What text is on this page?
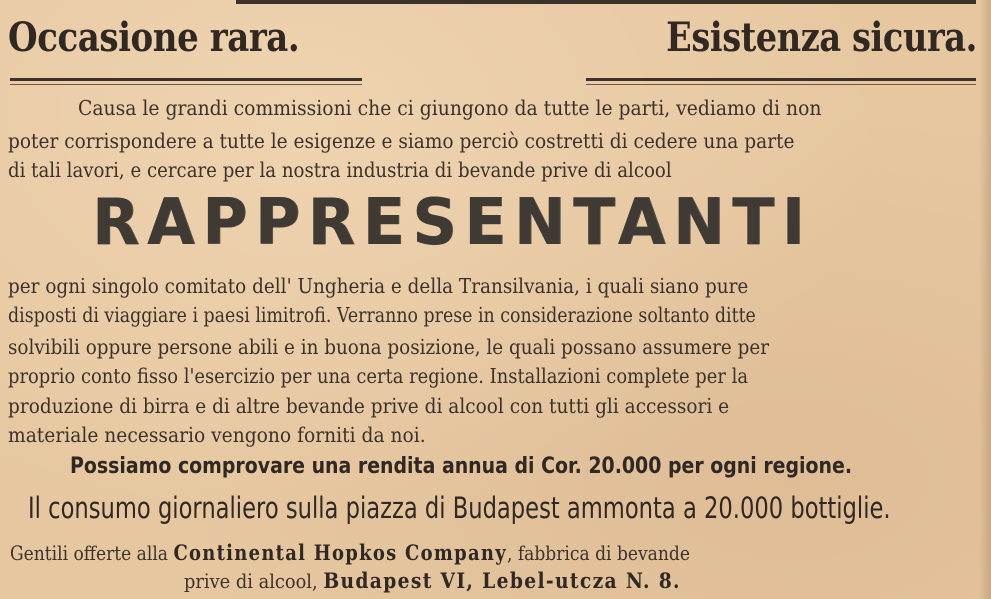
Occasione rara.	Esistenza sicura.
Causa le grandi commissioni che ci giungono da tutte le parti, vediamo di non
poter corrispondere a tutte le esigenze e siamo perciò costretti di cedere una parte
di tali lavori, e cercare per la nostra industria di bevande prive di alcool
RAPPRESENTANTI
per ogni singolo comitato dell' Ungheria e della Transilvania, i quali siano pure
disposti di viaggiare i paesi limitrofi. Verranno prese in considerazione soltanto ditte
solvibili oppure persone abili e in buona posizione, le quali possano assumere per
proprio conto fisso l'esercizio per una certa regione. Installazioni complete per la
produzione di birra e di altre bevande prive di alcool con tutti gli accessori e
materiale necessario vengono forniti da noi.
Possiamo comprovare una rendita annua di Cor. 20.000 per ogni regione.
Il consumo giornaliero sulla piazza di Budapest ammonta a 20.000 bottiglie.
Gentili offerte alla Continental Hopkos Company, fabbrica di bevande
prive di alcool, Budapest VI, Lebel-utcza N. 8.
